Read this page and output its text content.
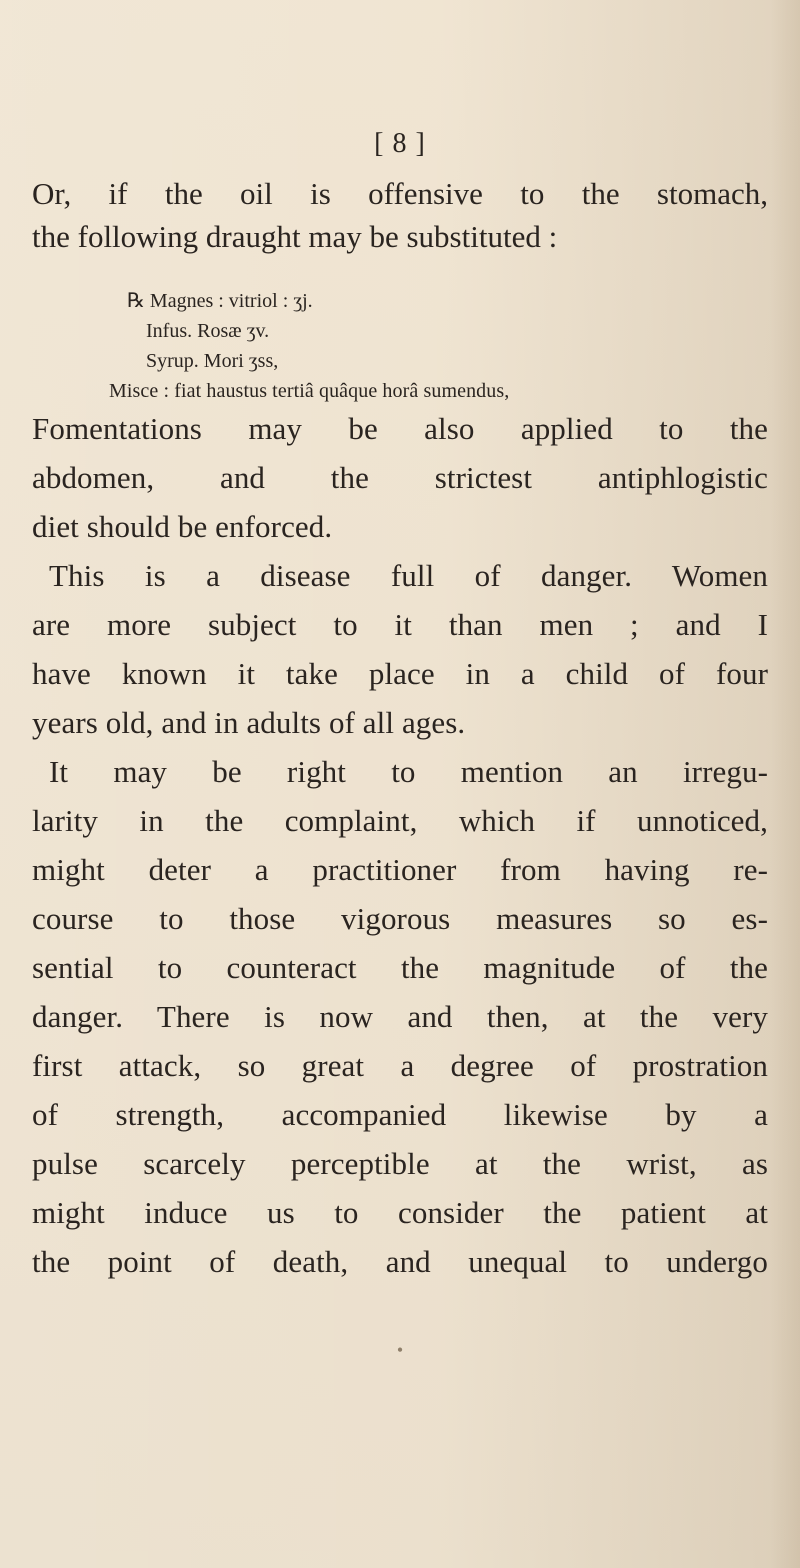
[ 8 ]
Or, if the oil is offensive to the stomach,
the following draught may be substituted :
℞ Magnes : vitriol : ʒj.
Infus. Rosæ ʒv.
Syrup. Mori ʒss,
Misce : fiat haustus tertiâ quâque horâ sumendus,
Fomentations may be also applied to the
abdomen, and the strictest antiphlogistic
diet should be enforced.
This is a disease full of danger. Women
are more subject to it than men ; and I
have known it take place in a child of four
years old, and in adults of all ages.
It may be right to mention an irregu-
larity in the complaint, which if unnoticed,
might deter a practitioner from having re-
course to those vigorous measures so es-
sential to counteract the magnitude of the
danger. There is now and then, at the very
first attack, so great a degree of prostration
of strength, accompanied likewise by a
pulse scarcely perceptible at the wrist, as
might induce us to consider the patient at
the point of death, and unequal to undergo
•
